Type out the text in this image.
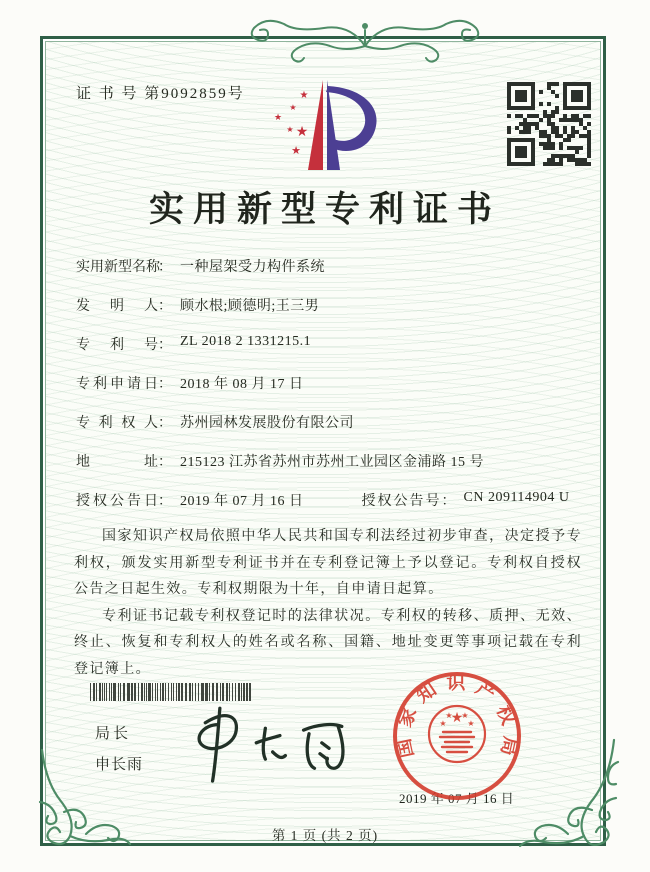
证 书 号 第9092859号	★
★
★
★ ★
★
实用新型专利证书
实用新型名称： 一种屋架受力构件系统
发明人： 顾水根;顾德明;王三男
专利号： ZL 2018 2 1331215.1
专利申请日： 2018 年 08 月 17 日
专利权人： 苏州园林发展股份有限公司
地址： 215123 江苏省苏州市苏州工业园区金浦路 15 号
授权公告日： 2019 年 07 月 16 日	授权公告号： CN 209114904 U

国家知识产权局依照中华人民共和国专利法经过初步审查，决定授予专利权，颁发实用新型专利证书并在专利登记簿上予以登记。专利权自授权公告之日起生效。专利权期限为十年，自申请日起算。

专利证书记载专利权登记时的法律状况。专利权的转移、质押、无效、终止、恢复和专利权人的姓名或名称、国籍、地址变更等事项记载在专利登记簿上。

局长
申长雨
2019 年 07 月 16 日
国家知识产权局
★
★
★ ★
★
第 1 页 (共 2 页)
